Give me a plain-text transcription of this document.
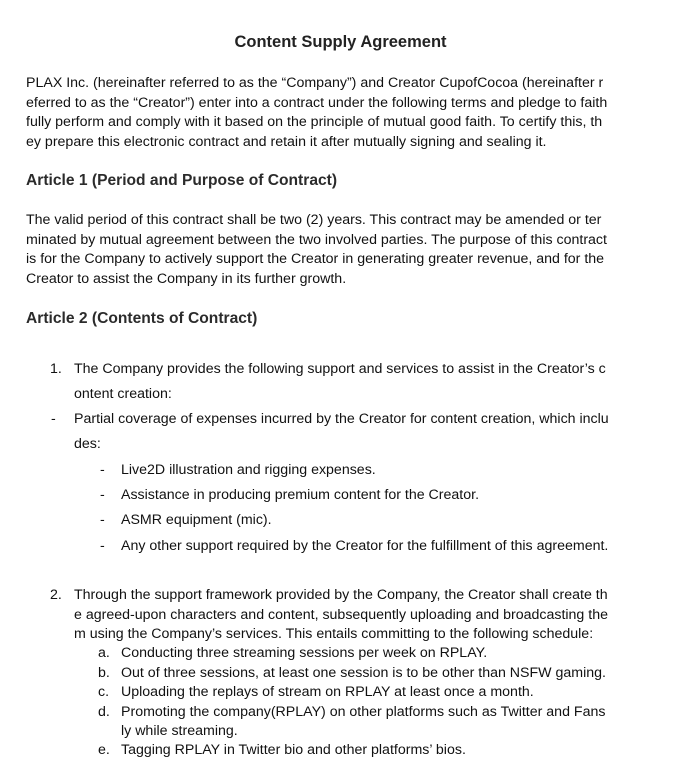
Content Supply Agreement

PLAX Inc. (hereinafter referred to as the “Company”) and Creator CupofCocoa (hereinafter r

eferred to as the “Creator”) enter into a contract under the following terms and pledge to faith

fully perform and comply with it based on the principle of mutual good faith. To certify this, th

ey prepare this electronic contract and retain it after mutually signing and sealing it.

Article 1 (Period and Purpose of Contract)

The valid period of this contract shall be two (2) years. This contract may be amended or ter

minated by mutual agreement between the two involved parties. The purpose of this contract

is for the Company to actively support the Creator in generating greater revenue, and for the

Creator to assist the Company in its further growth.

Article 2 (Contents of Contract)
1. The Company provides the following support and services to assist in the Creator’s c
ontent creation:
- Partial coverage of expenses incurred by the Creator for content creation, which inclu
des:
- Live2D illustration and rigging expenses.
- Assistance in producing premium content for the Creator.
- ASMR equipment (mic).
- Any other support required by the Creator for the fulfillment of this agreement.
2. Through the support framework provided by the Company, the Creator shall create th
e agreed-upon characters and content, subsequently uploading and broadcasting the
m using the Company’s services. This entails committing to the following schedule:
a. Conducting three streaming sessions per week on RPLAY.
b. Out of three sessions, at least one session is to be other than NSFW gaming.
c. Uploading the replays of stream on RPLAY at least once a month.
d. Promoting the company(RPLAY) on other platforms such as Twitter and Fans
ly while streaming.
e. Tagging RPLAY in Twitter bio and other platforms’ bios.
